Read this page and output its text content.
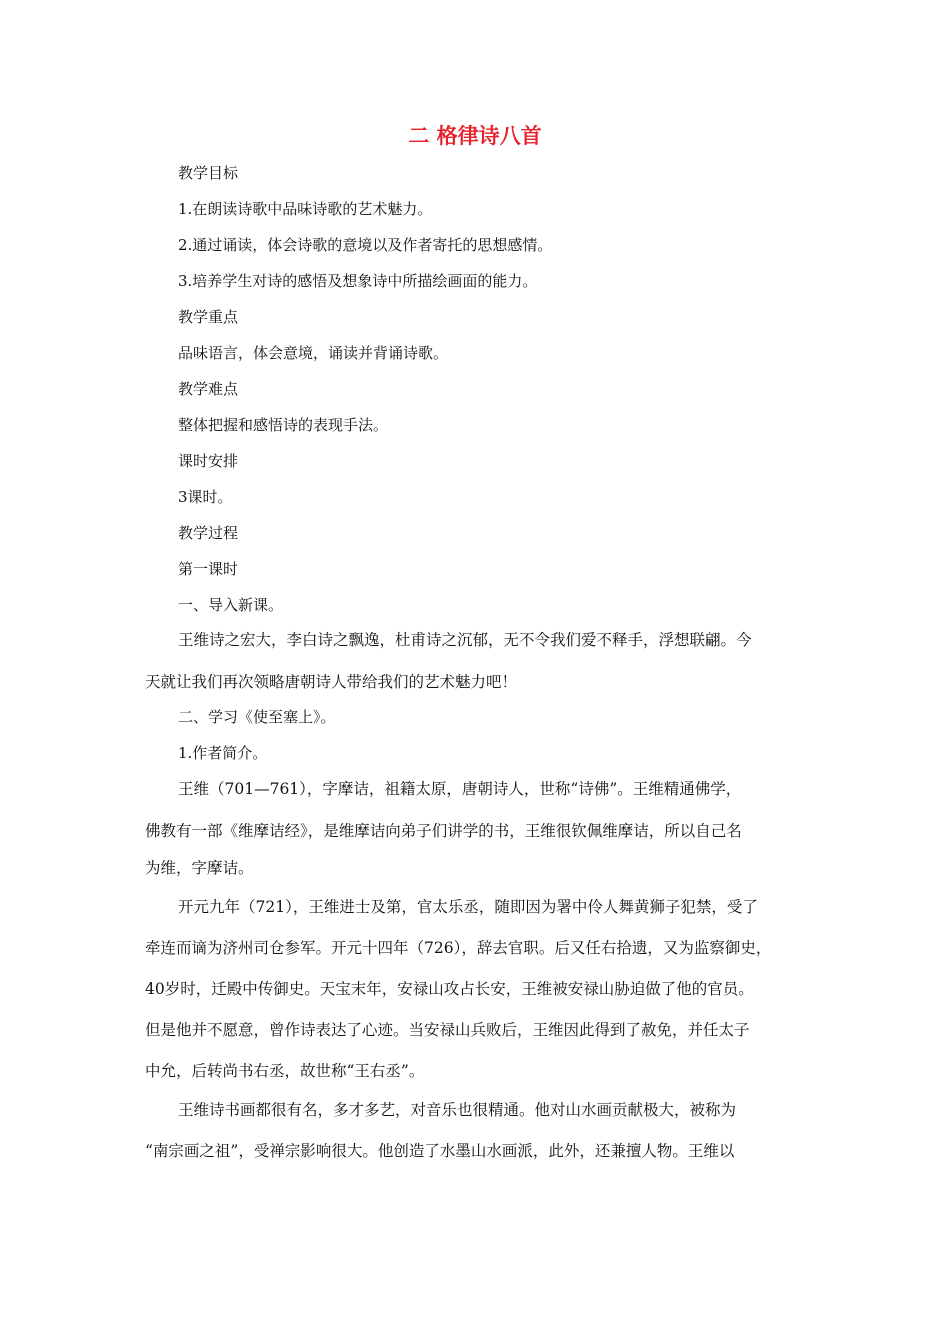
二 格律诗八首
教学目标
1.在朗读诗歌中品味诗歌的艺术魅力。
2.通过诵读，体会诗歌的意境以及作者寄托的思想感情。
3.培养学生对诗的感悟及想象诗中所描绘画面的能力。
教学重点
品味语言，体会意境，诵读并背诵诗歌。
教学难点
整体把握和感悟诗的表现手法。
课时安排
3课时。
教学过程
第一课时
一、导入新课。
王维诗之宏大，李白诗之飘逸，杜甫诗之沉郁，无不令我们爱不释手，浮想联翩。今
天就让我们再次领略唐朝诗人带给我们的艺术魅力吧！
二、学习《使至塞上》。
1.作者简介。
王维（701—761），字摩诘，祖籍太原，唐朝诗人，世称“诗佛”。王维精通佛学，
佛教有一部《维摩诘经》，是维摩诘向弟子们讲学的书，王维很钦佩维摩诘，所以自己名
为维，字摩诘。
开元九年（721），王维进士及第，官太乐丞，随即因为署中伶人舞黄狮子犯禁，受了
牵连而谪为济州司仓参军。开元十四年（726），辞去官职。后又任右拾遗，又为监察御史，
40岁时，迁殿中传御史。天宝末年，安禄山攻占长安，王维被安禄山胁迫做了他的官员。
但是他并不愿意，曾作诗表达了心迹。当安禄山兵败后，王维因此得到了赦免，并任太子
中允，后转尚书右丞，故世称“王右丞”。
王维诗书画都很有名，多才多艺，对音乐也很精通。他对山水画贡献极大，被称为
“南宗画之祖”，受禅宗影响很大。他创造了水墨山水画派，此外，还兼擅人物。王维以
